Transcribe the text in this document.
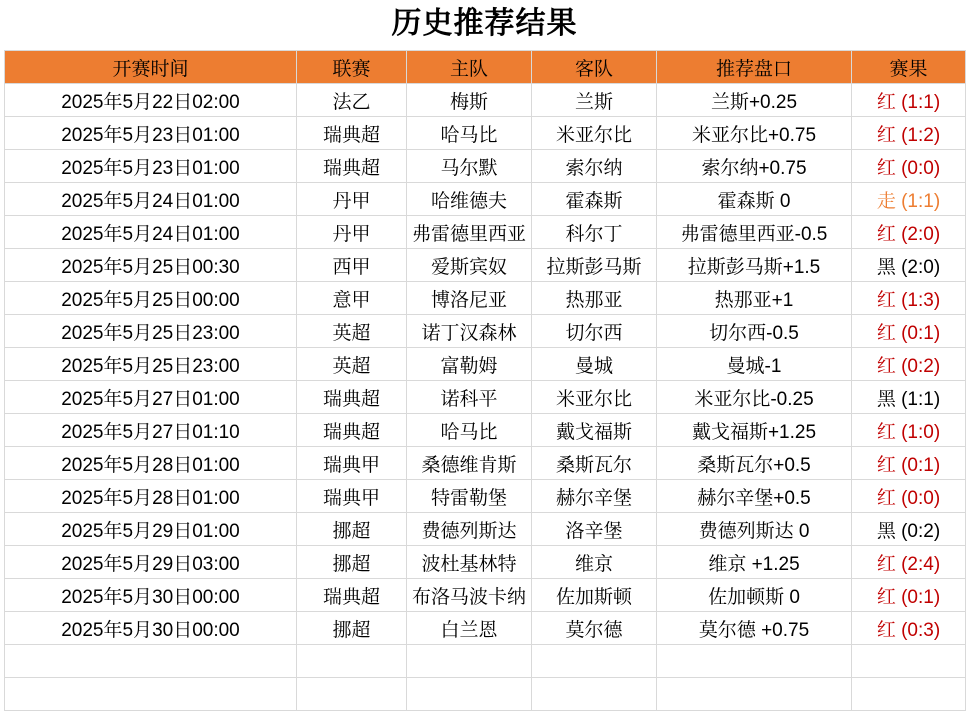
历史推荐结果
开赛时间	联赛	主队	客队	推荐盘口	赛果
2025年5月22日02:00	法乙	梅斯	兰斯	兰斯+0.25	红 (1:1)
2025年5月23日01:00	瑞典超	哈马比	米亚尔比	米亚尔比+0.75	红 (1:2)
2025年5月23日01:00	瑞典超	马尔默	索尔纳	索尔纳+0.75	红 (0:0)
2025年5月24日01:00	丹甲	哈维德夫	霍森斯	霍森斯 0	走 (1:1)
2025年5月24日01:00	丹甲	弗雷德里西亚	科尔丁	弗雷德里西亚-0.5	红 (2:0)
2025年5月25日00:30	西甲	爱斯宾奴	拉斯彭马斯	拉斯彭马斯+1.5	黑 (2:0)
2025年5月25日00:00	意甲	博洛尼亚	热那亚	热那亚+1	红 (1:3)
2025年5月25日23:00	英超	诺丁汉森林	切尔西	切尔西-0.5	红 (0:1)
2025年5月25日23:00	英超	富勒姆	曼城	曼城-1	红 (0:2)
2025年5月27日01:00	瑞典超	诺科平	米亚尔比	米亚尔比-0.25	黑 (1:1)
2025年5月27日01:10	瑞典超	哈马比	戴戈福斯	戴戈福斯+1.25	红 (1:0)
2025年5月28日01:00	瑞典甲	桑德维肯斯	桑斯瓦尔	桑斯瓦尔+0.5	红 (0:1)
2025年5月28日01:00	瑞典甲	特雷勒堡	赫尔辛堡	赫尔辛堡+0.5	红 (0:0)
2025年5月29日01:00	挪超	费德列斯达	洛辛堡	费德列斯达 0	黑 (0:2)
2025年5月29日03:00	挪超	波杜基林特	维京	维京 +1.25	红 (2:4)
2025年5月30日00:00	瑞典超	布洛马波卡纳	佐加斯顿	佐加顿斯 0	红 (0:1)
2025年5月30日00:00	挪超	白兰恩	莫尔德	莫尔德 +0.75	红 (0:3)
